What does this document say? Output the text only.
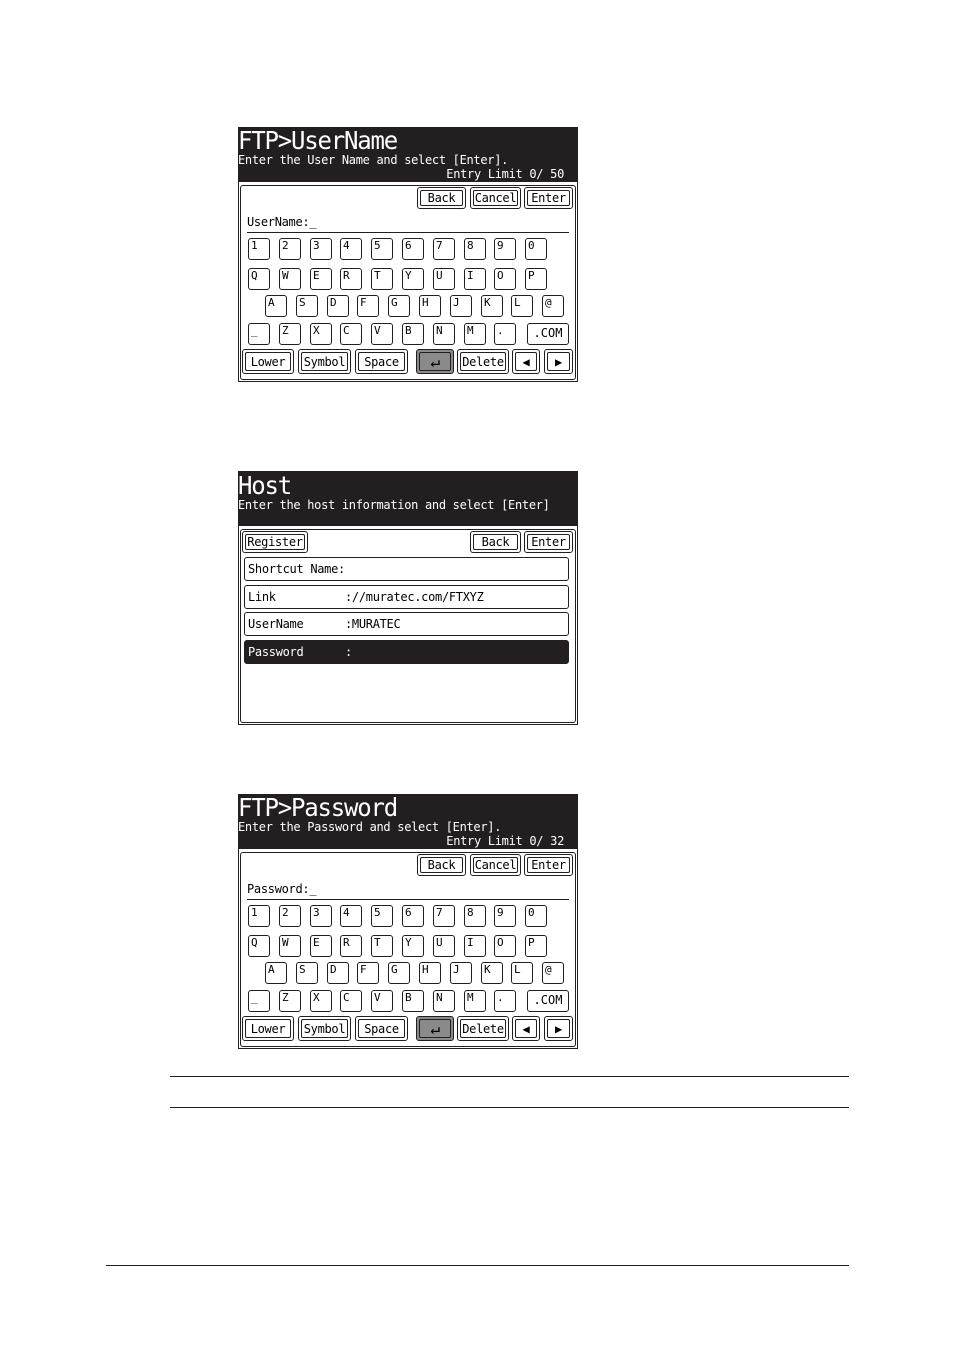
FTP>UserName
Enter the User Name and select [Enter].
Entry Limit 0/ 50
Back	Cancel	Enter
UserName:_
1	2	3	4	5	6	7	8	9	0
Q	W	E	R	T	Y	U	I	O	P
A	S	D	F	G	H	J	K	L	@
_	Z	X	C	V	B	N	M	.	.COM
Lower	Symbol	Space	↵	Delete	◀	▶
Host
Enter the host information and select [Enter]
Register	Back	Enter
Shortcut Name:
Link	://muratec.com/FTXYZ
UserName	:MURATEC
Password	:
FTP>Password
Enter the Password and select [Enter].
Entry Limit 0/ 32
Back	Cancel	Enter
Password:_
1	2	3	4	5	6	7	8	9	0
Q	W	E	R	T	Y	U	I	O	P
A	S	D	F	G	H	J	K	L	@
_	Z	X	C	V	B	N	M	.	.COM
Lower	Symbol	Space	↵	Delete	◀	▶
